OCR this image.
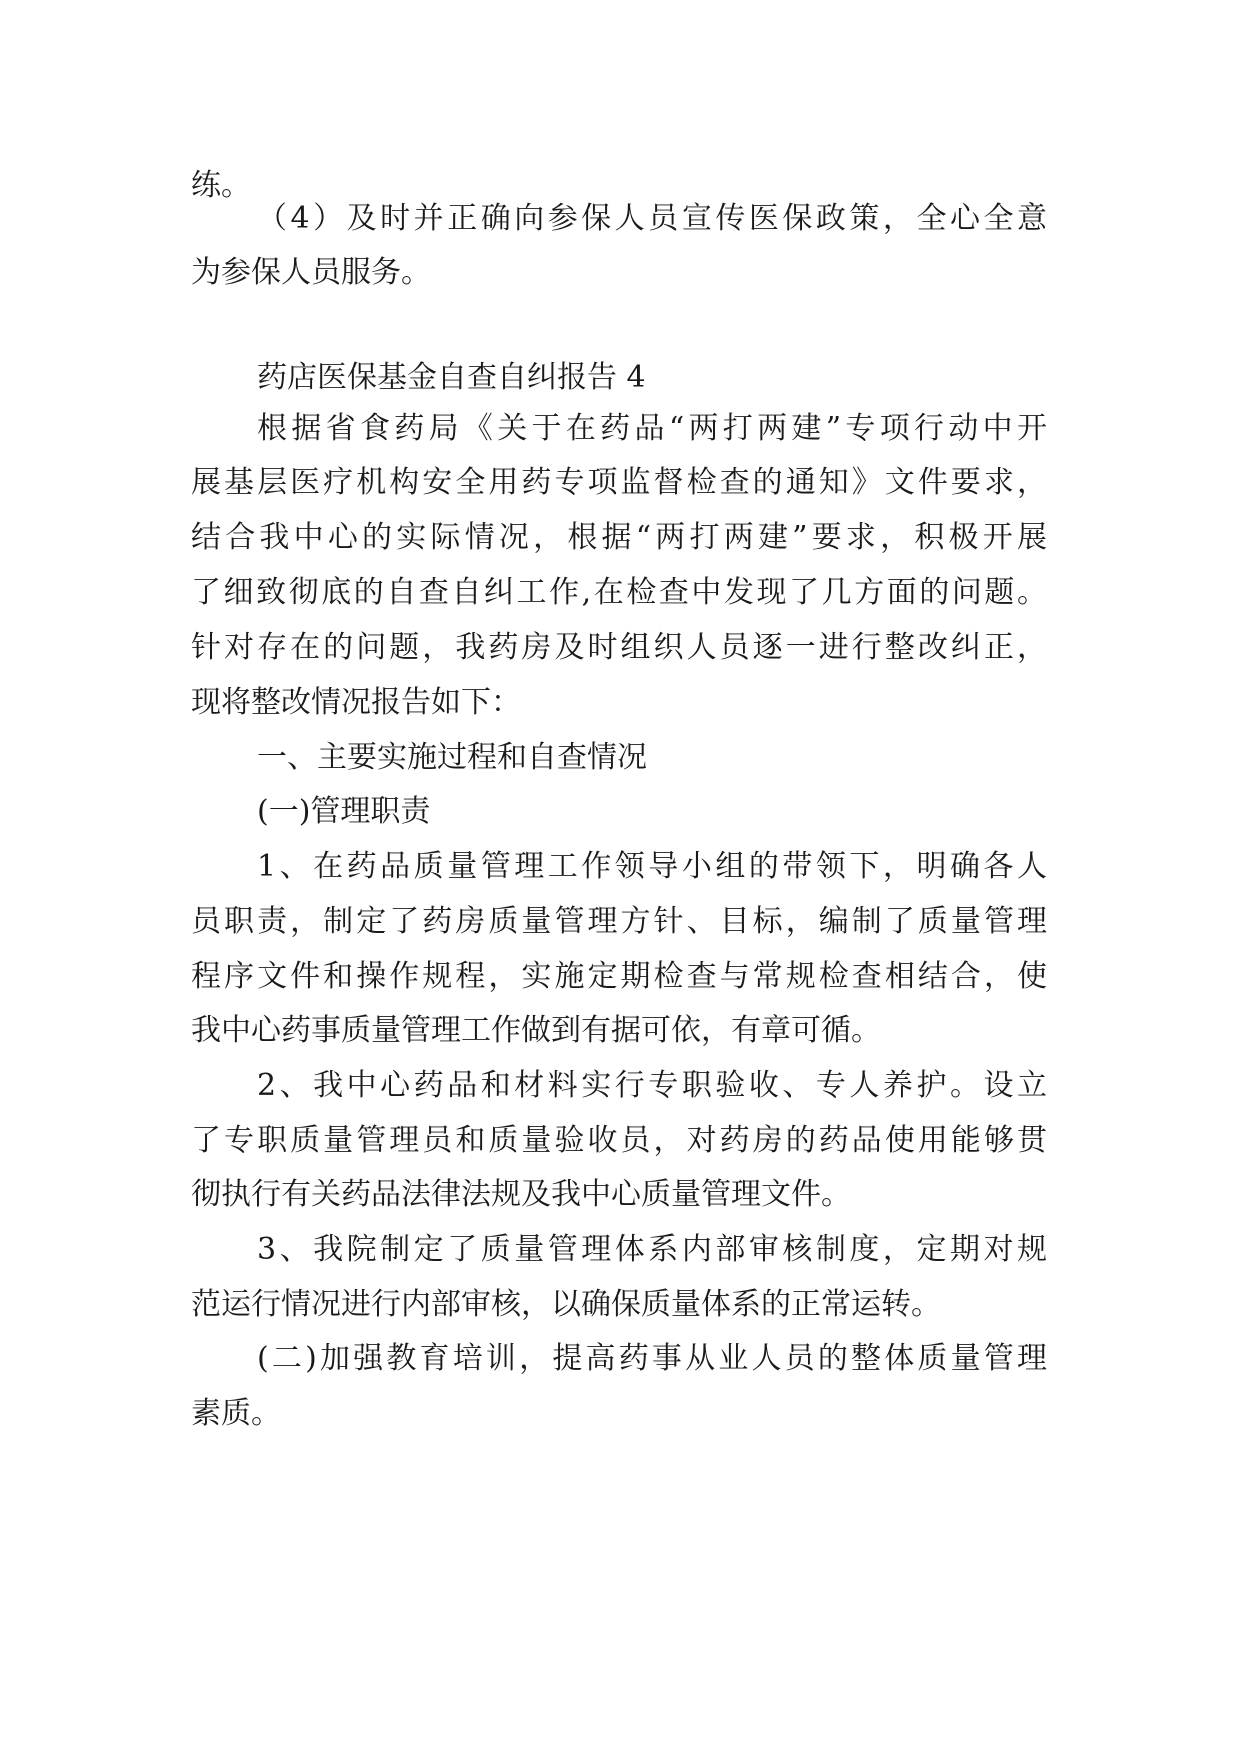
练。

（4）及时并正确向参保人员宣传医保政策，全心全意

为参保人员服务。

药店医保基金自查自纠报告 4

根据省食药局《关于在药品“两打两建”专项行动中开

展基层医疗机构安全用药专项监督检查的通知》文件要求，

结合我中心的实际情况，根据“两打两建”要求，积极开展

了细致彻底的自查自纠工作,在检查中发现了几方面的问题。

针对存在的问题，我药房及时组织人员逐一进行整改纠正，

现将整改情况报告如下：

一、主要实施过程和自查情况

(一)管理职责

1、在药品质量管理工作领导小组的带领下，明确各人

员职责，制定了药房质量管理方针、目标，编制了质量管理

程序文件和操作规程，实施定期检查与常规检查相结合，使

我中心药事质量管理工作做到有据可依，有章可循。

2、我中心药品和材料实行专职验收、专人养护。设立

了专职质量管理员和质量验收员，对药房的药品使用能够贯

彻执行有关药品法律法规及我中心质量管理文件。

3、我院制定了质量管理体系内部审核制度，定期对规

范运行情况进行内部审核，以确保质量体系的正常运转。

(二)加强教育培训，提高药事从业人员的整体质量管理

素质。
